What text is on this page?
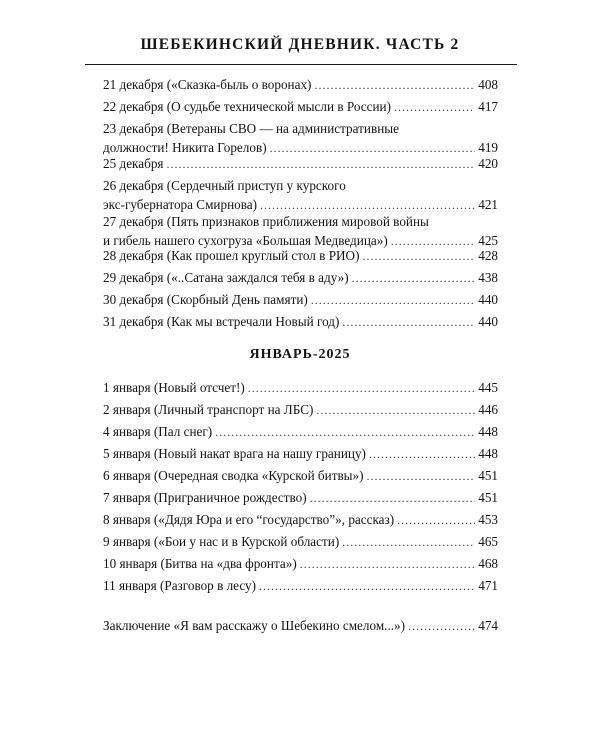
ШЕБЕКИНСКИЙ ДНЕВНИК. ЧАСТЬ 2
21 декабря («Сказка-быль о воронах) .....	408
22 декабря (О судьбе технической мысли в России) .....	417
23 декабря (Ветераны СВО — на административные
должности! Никита Горелов) .....	419
25 декабря .....	420
26 декабря (Сердечный приступ у курского
экс-губернатора Смирнова) .....	421
27 декабря (Пять признаков приближения мировой войны
и гибель нашего сухогруза «Большая Медведица») .....	425
28 декабря (Как прошел круглый стол в РИО) .....	428
29 декабря («..Сатана заждался тебя в аду») .....	438
30 декабря (Скорбный День памяти) .....	440
31 декабря (Как мы встречали Новый год) .....	440
ЯНВАРЬ-2025
1 января (Новый отсчет!) .....	445
2 января (Личный транспорт на ЛБС) .....	446
4 января (Пал снег) .....	448
5 января (Новый накат врага на нашу границу) .....	448
6 января (Очередная сводка «Курской битвы») .....	451
7 января (Приграничное рождество) .....	451
8 января («Дядя Юра и его “государство”», рассказ) .....	453
9 января («Бои у нас и в Курской области) .....	465
10 января (Битва на «два фронта») .....	468
11 января (Разговор в лесу) .....	471
Заключение «Я вам расскажу о Шебекино смелом...») .....	474
